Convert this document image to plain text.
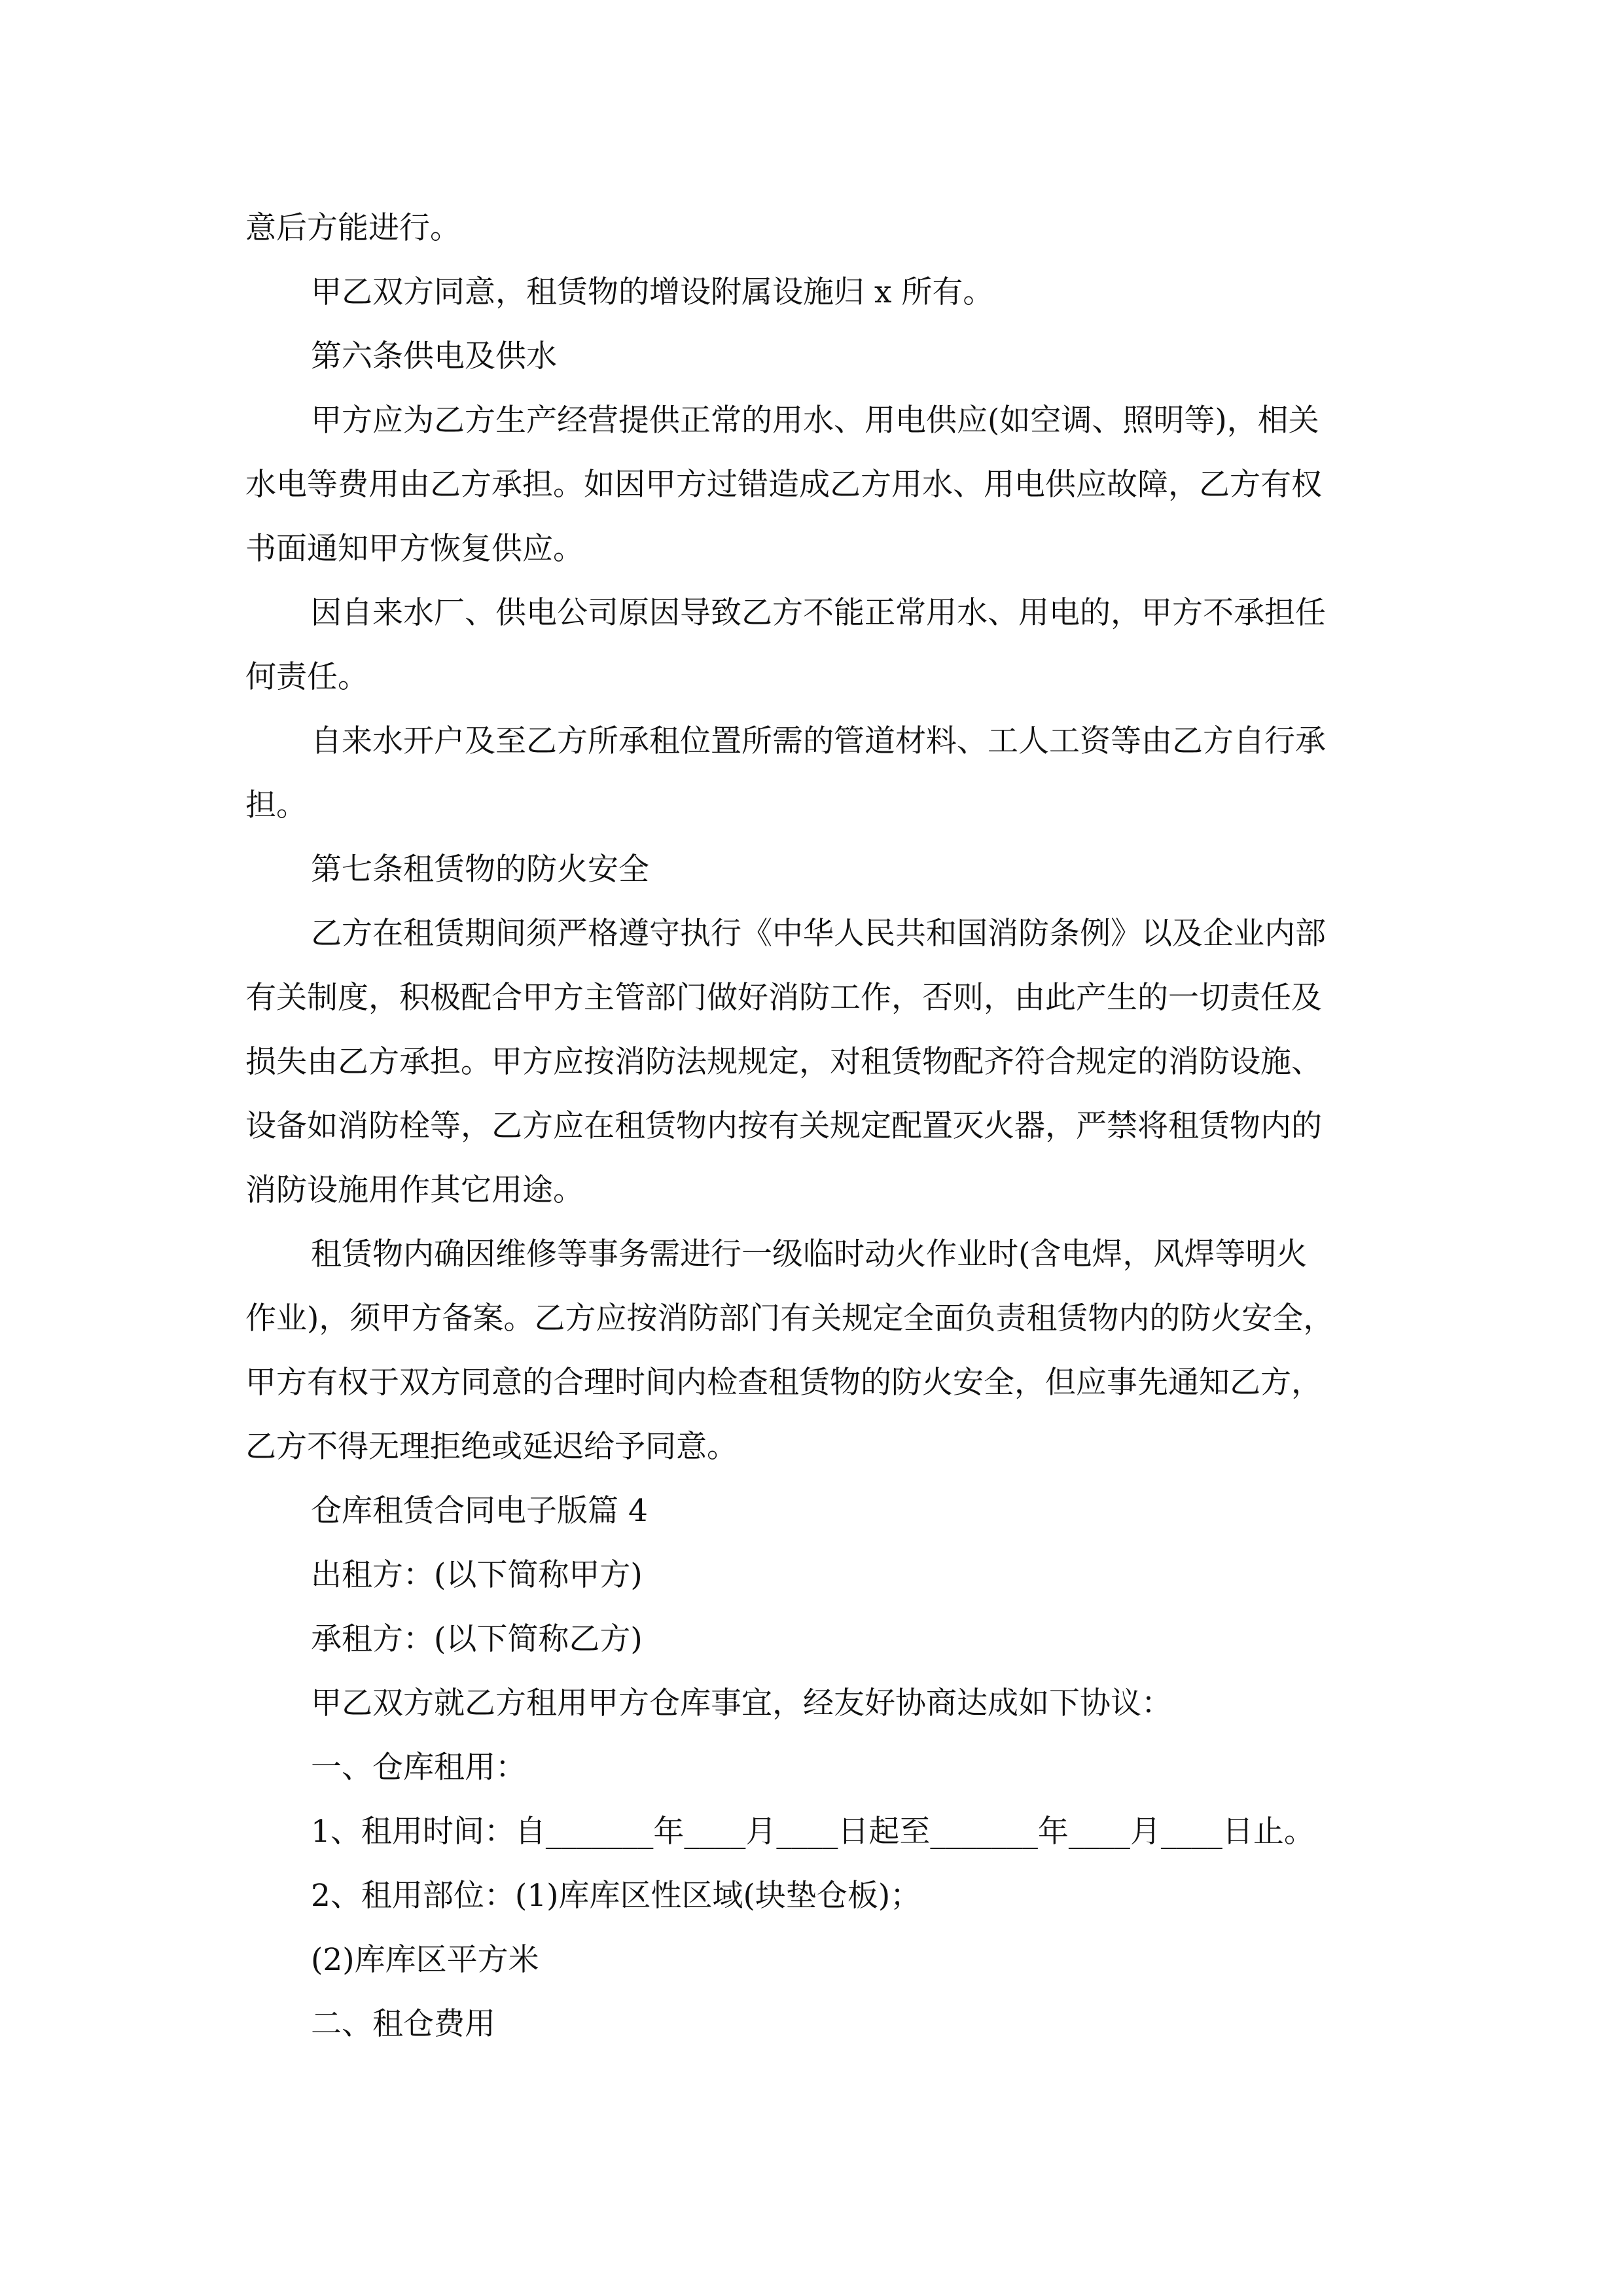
意后方能进行。

甲乙双方同意，租赁物的增设附属设施归 x 所有。

第六条供电及供水

甲方应为乙方生产经营提供正常的用水、用电供应(如空调、照明等)，相关

水电等费用由乙方承担。如因甲方过错造成乙方用水、用电供应故障，乙方有权

书面通知甲方恢复供应。

因自来水厂、供电公司原因导致乙方不能正常用水、用电的，甲方不承担任

何责任。

自来水开户及至乙方所承租位置所需的管道材料、工人工资等由乙方自行承

担。

第七条租赁物的防火安全

乙方在租赁期间须严格遵守执行《中华人民共和国消防条例》以及企业内部

有关制度，积极配合甲方主管部门做好消防工作，否则，由此产生的一切责任及

损失由乙方承担。甲方应按消防法规规定，对租赁物配齐符合规定的消防设施、

设备如消防栓等，乙方应在租赁物内按有关规定配置灭火器，严禁将租赁物内的

消防设施用作其它用途。

租赁物内确因维修等事务需进行一级临时动火作业时(含电焊，风焊等明火

作业)，须甲方备案。乙方应按消防部门有关规定全面负责租赁物内的防火安全，

甲方有权于双方同意的合理时间内检查租赁物的防火安全，但应事先通知乙方，

乙方不得无理拒绝或延迟给予同意。

仓库租赁合同电子版篇 4

出租方：(以下简称甲方)

承租方：(以下简称乙方)

甲乙双方就乙方租用甲方仓库事宜，经友好协商达成如下协议：

一、仓库租用：

1、租用时间：自_______年____月____日起至_______年____月____日止。

2、租用部位：(1)库库区性区域(块垫仓板)；

(2)库库区平方米

二、租仓费用
